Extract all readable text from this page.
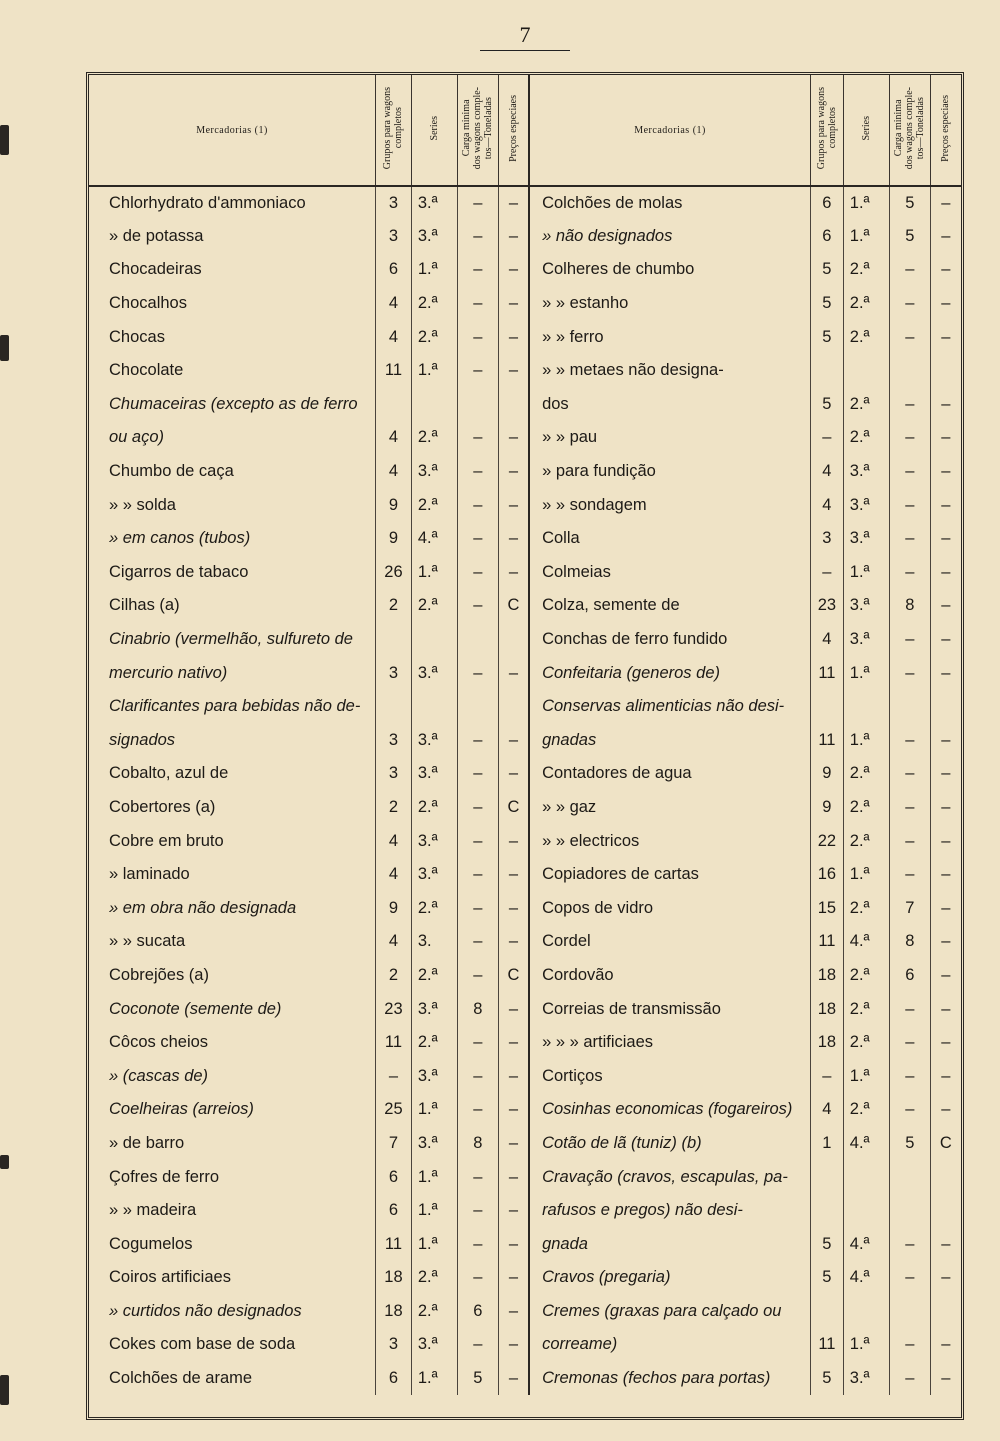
7
Mercadorias (1)	Grupos para wagons
completos	Series	Carga minima
dos wagons comple-
tos—Toneladas	Preços especiaes	Mercadorias (1)	Grupos para wagons
completos	Series	Carga minima
dos wagons comple-
tos—Toneladas	Preços especiaes
Chlorhydrato d'ammoniaco	3	3.ª	–	–	Colchões de molas	6	1.ª	5	–
» de potassa	3	3.ª	–	–	» não designados	6	1.ª	5	–
Chocadeiras	6	1.ª	–	–	Colheres de chumbo	5	2.ª	–	–
Chocalhos	4	2.ª	–	–	» » estanho	5	2.ª	–	–
Chocas	4	2.ª	–	–	» » ferro	5	2.ª	–	–
Chocolate	11	1.ª	–	–	» » metaes não designa-				
Chumaceiras (excepto as de ferro					dos	5	2.ª	–	–
ou aço)	4	2.ª	–	–	» » pau	–	2.ª	–	–
Chumbo de caça	4	3.ª	–	–	» para fundição	4	3.ª	–	–
» » solda	9	2.ª	–	–	» » sondagem	4	3.ª	–	–
» em canos (tubos)	9	4.ª	–	–	Colla	3	3.ª	–	–
Cigarros de tabaco	26	1.ª	–	–	Colmeias	–	1.ª	–	–
Cilhas (a)	2	2.ª	–	C	Colza, semente de	23	3.ª	8	–
Cinabrio (vermelhão, sulfureto de					Conchas de ferro fundido	4	3.ª	–	–
mercurio nativo)	3	3.ª	–	–	Confeitaria (generos de)	11	1.ª	–	–
Clarificantes para bebidas não de-					Conservas alimenticias não desi-				
signados	3	3.ª	–	–	gnadas	11	1.ª	–	–
Cobalto, azul de	3	3.ª	–	–	Contadores de agua	9	2.ª	–	–
Cobertores (a)	2	2.ª	–	C	» » gaz	9	2.ª	–	–
Cobre em bruto	4	3.ª	–	–	» » electricos	22	2.ª	–	–
» laminado	4	3.ª	–	–	Copiadores de cartas	16	1.ª	–	–
» em obra não designada	9	2.ª	–	–	Copos de vidro	15	2.ª	7	–
» » sucata	4	3.	–	–	Cordel	11	4.ª	8	–
Cobrejões (a)	2	2.ª	–	C	Cordovão	18	2.ª	6	–
Coconote (semente de)	23	3.ª	8	–	Correias de transmissão	18	2.ª	–	–
Côcos cheios	11	2.ª	–	–	» » » artificiaes	18	2.ª	–	–
» (cascas de)	–	3.ª	–	–	Cortiços	–	1.ª	–	–
Coelheiras (arreios)	25	1.ª	–	–	Cosinhas economicas (fogareiros)	4	2.ª	–	–
» de barro	7	3.ª	8	–	Cotão de lã (tuniz) (b)	1	4.ª	5	C
Çofres de ferro	6	1.ª	–	–	Cravação (cravos, escapulas, pa-				
» » madeira	6	1.ª	–	–	rafusos e pregos) não desi-				
Cogumelos	11	1.ª	–	–	gnada	5	4.ª	–	–
Coiros artificiaes	18	2.ª	–	–	Cravos (pregaria)	5	4.ª	–	–
» curtidos não designados	18	2.ª	6	–	Cremes (graxas para calçado ou				
Cokes com base de soda	3	3.ª	–	–	correame)	11	1.ª	–	–
Colchões de arame	6	1.ª	5	–	Cremonas (fechos para portas)	5	3.ª	–	–
